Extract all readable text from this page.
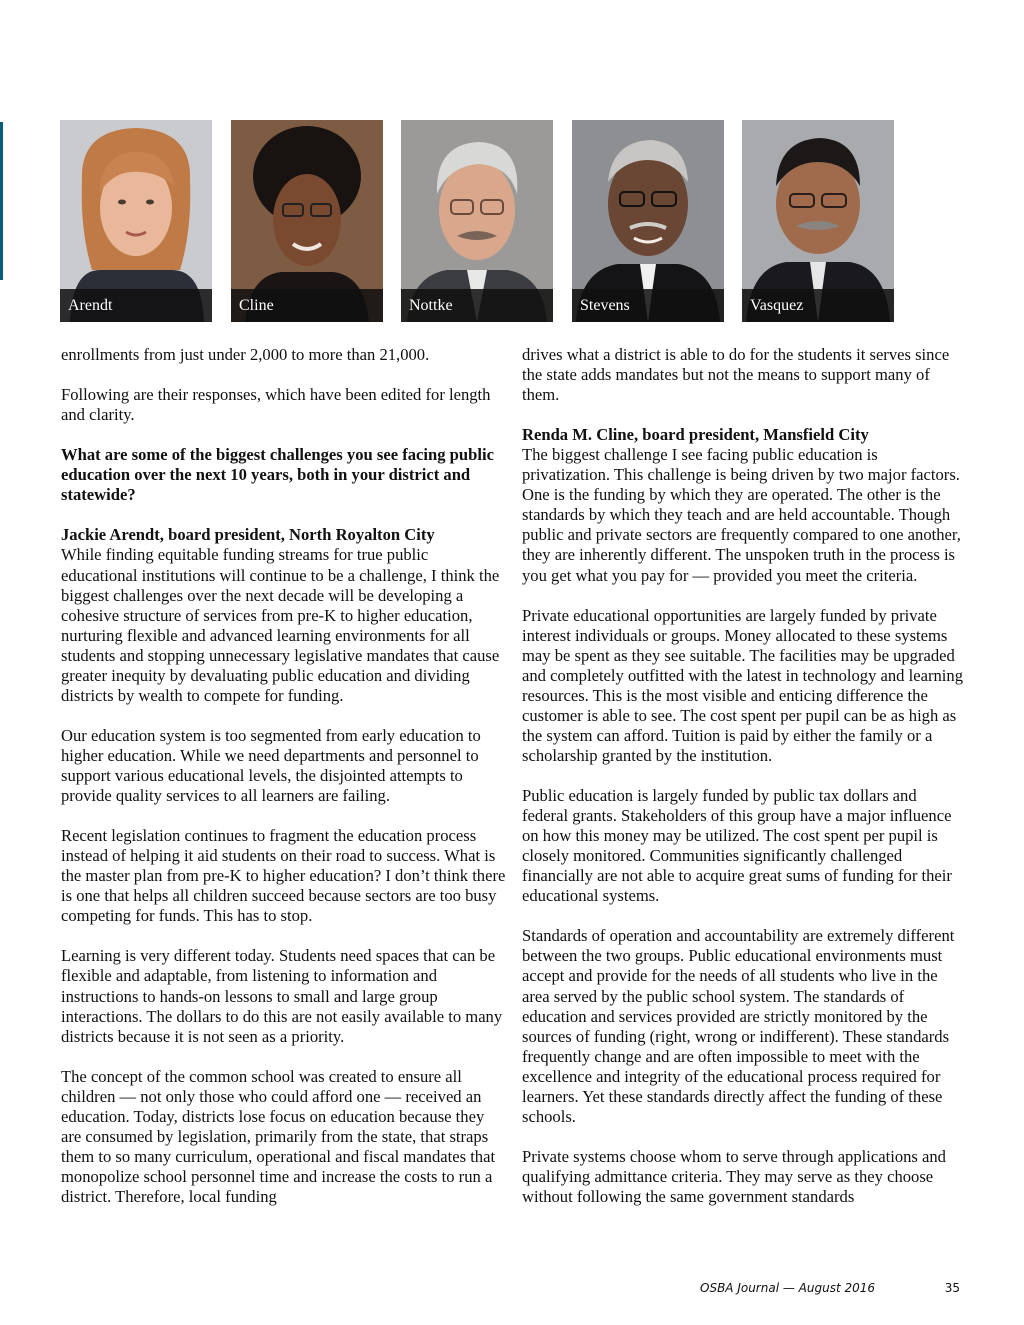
Arendt	Cline	Nottke	Stevens	Vasquez

enrollments from just under 2,000 to more than 21,000.

Following are their responses, which have been edited for length and clarity.

What are some of the biggest challenges you see facing public education over the next 10 years, both in your district and statewide?

Jackie Arendt, board president, North Royalton City

While finding equitable funding streams for true public educational institutions will continue to be a challenge, I think the biggest challenges over the next decade will be developing a cohesive structure of services from pre-K to higher education, nurturing flexible and advanced learning environments for all students and stopping unnecessary legislative mandates that cause greater inequity by devaluating public education and dividing districts by wealth to compete for funding.

Our education system is too segmented from early education to higher education. While we need departments and personnel to support various educational levels, the disjointed attempts to provide quality services to all learners are failing.

Recent legislation continues to fragment the education process instead of helping it aid students on their road to success. What is the master plan from pre-K to higher education? I don’t think there is one that helps all children succeed because sectors are too busy competing for funds. This has to stop.

Learning is very different today. Students need spaces that can be flexible and adaptable, from listening to information and instructions to hands-on lessons to small and large group interactions. The dollars to do this are not easily available to many districts because it is not seen as a priority.

The concept of the common school was created to ensure all children — not only those who could afford one — received an education. Today, districts lose focus on education because they are consumed by legislation, primarily from the state, that straps them to so many curriculum, operational and fiscal mandates that monopolize school personnel time and increase the costs to run a district. Therefore, local funding

drives what a district is able to do for the students it serves since the state adds mandates but not the means to support many of them.

Renda M. Cline, board president, Mansfield City

The biggest challenge I see facing public education is privatization. This challenge is being driven by two major factors. One is the funding by which they are operated. The other is the standards by which they teach and are held accountable. Though public and private sectors are frequently compared to one another, they are inherently different. The unspoken truth in the process is you get what you pay for — provided you meet the criteria.

Private educational opportunities are largely funded by private interest individuals or groups. Money allocated to these systems may be spent as they see suitable. The facilities may be upgraded and completely outfitted with the latest in technology and learning resources. This is the most visible and enticing difference the customer is able to see. The cost spent per pupil can be as high as the system can afford. Tuition is paid by either the family or a scholarship granted by the institution.

Public education is largely funded by public tax dollars and federal grants. Stakeholders of this group have a major influence on how this money may be utilized. The cost spent per pupil is closely monitored. Communities significantly challenged financially are not able to acquire great sums of funding for their educational systems.

Standards of operation and accountability are extremely different between the two groups. Public educational environments must accept and provide for the needs of all students who live in the area served by the public school system. The standards of education and services provided are strictly monitored by the sources of funding (right, wrong or indifferent). These standards frequently change and are often impossible to meet with the excellence and integrity of the educational process required for learners. Yet these standards directly affect the funding of these schools.

Private systems choose whom to serve through applications and qualifying admittance criteria. They may serve as they choose without following the same government standards

OSBA Journal — August 2016	35
